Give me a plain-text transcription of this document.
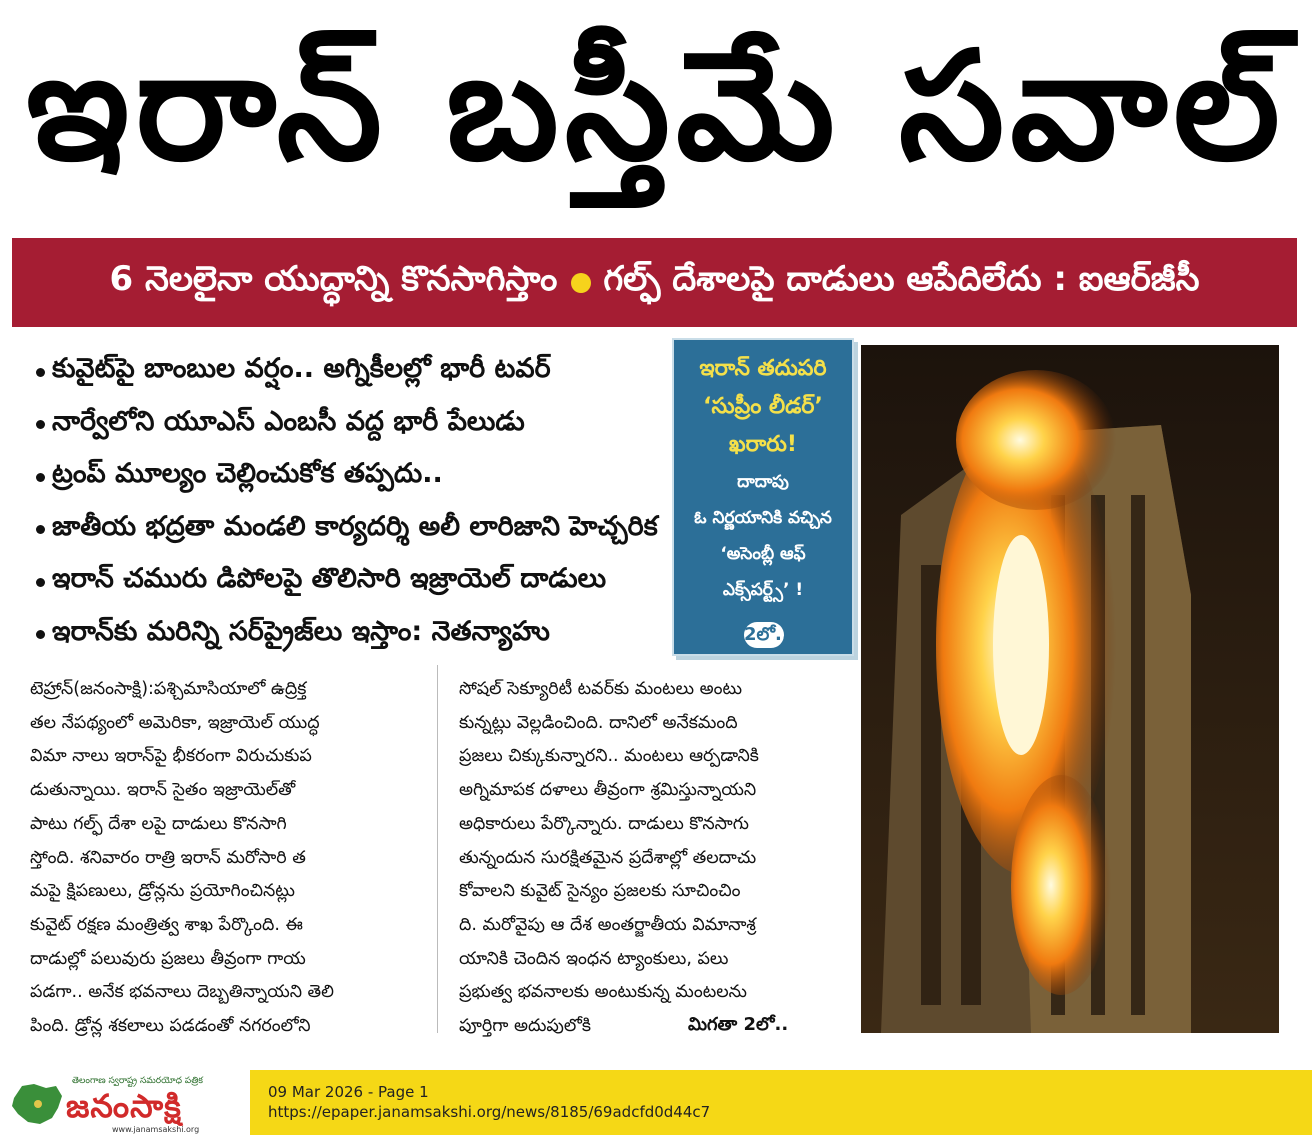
ఇరాన్ బస్తీమే సవాల్
6 నెలలైనా యుద్ధాన్ని కొనసాగిస్తాం గల్ఫ్ దేశాలపై దాడులు ఆపేదిలేదు : ఐఆర్‌జీసీ
కువైట్‌పై బాంబుల వర్షం.. అగ్నికీలల్లో భారీ టవర్
నార్వేలోని యూఎస్ ఎంబసీ వద్ద భారీ పేలుడు
ట్రంప్ మూల్యం చెల్లించుకోక తప్పదు..
జాతీయ భద్రతా మండలి కార్యదర్శి అలీ లారిజాని హెచ్చరిక
ఇరాన్ చమురు డిపోలపై తొలిసారి ఇజ్రాయెల్ దాడులు
ఇరాన్‌కు మరిన్ని సర్‌ప్రైజ్‌లు ఇస్తాం: నెతన్యాహు
ఇరాన్ తదుపరి
‘సుప్రీం లీడర్’
ఖరారు!
దాదాపు
ఓ నిర్ణయానికి వచ్చిన
‘అసెంబ్లీ ఆఫ్
ఎక్స్‌పర్ట్స్’ !
2లో..
టెహ్రాన్(జనంసాక్షి):పశ్చిమాసియాలో ఉద్రిక్త
తల నేపథ్యంలో అమెరికా, ఇజ్రాయెల్ యుద్ధ
విమా నాలు ఇరాన్‌పై భీకరంగా విరుచుకుప
డుతున్నాయి. ఇరాన్ సైతం ఇజ్రాయెల్‌తో
పాటు గల్ఫ్ దేశా లపై దాడులు కొనసాగి
స్తోంది. శనివారం రాత్రి ఇరాన్ మరోసారి త
మపై క్షిపణులు, డ్రోన్లను ప్రయోగించినట్లు
కువైట్ రక్షణ మంత్రిత్వ శాఖ పేర్కొంది. ఈ
దాడుల్లో పలువురు ప్రజలు తీవ్రంగా గాయ
పడగా.. అనేక భవనాలు దెబ్బతిన్నాయని తెలి
పింది. డ్రోన్ల శకలాలు పడడంతో నగరంలోని
సోషల్ సెక్యూరిటీ టవర్‌కు మంటలు అంటు
కున్నట్లు వెల్లడించింది. దానిలో అనేకమంది
ప్రజలు చిక్కుకున్నారని.. మంటలు ఆర్పడానికి
అగ్నిమాపక దళాలు తీవ్రంగా శ్రమిస్తున్నాయని
అధికారులు పేర్కొన్నారు. దాడులు కొనసాగు
తున్నందున సురక్షితమైన ప్రదేశాల్లో తలదాచు
కోవాలని కువైట్ సైన్యం ప్రజలకు సూచించిం
ది. మరోవైపు ఆ దేశ అంతర్జాతీయ విమానాశ్ర
యానికి చెందిన ఇంధన ట్యాంకులు, పలు
ప్రభుత్వ భవనాలకు అంటుకున్న మంటలను
పూర్తిగా అదుపులోకి	మిగతా 2లో..
తెలంగాణ స్వరాష్ట్ర సమరయోధ పత్రిక
జనంసాక్షి
www.janamsakshi.org
09 Mar 2026 - Page 1
https://epaper.janamsakshi.org/news/8185/69adcfd0d44c7
